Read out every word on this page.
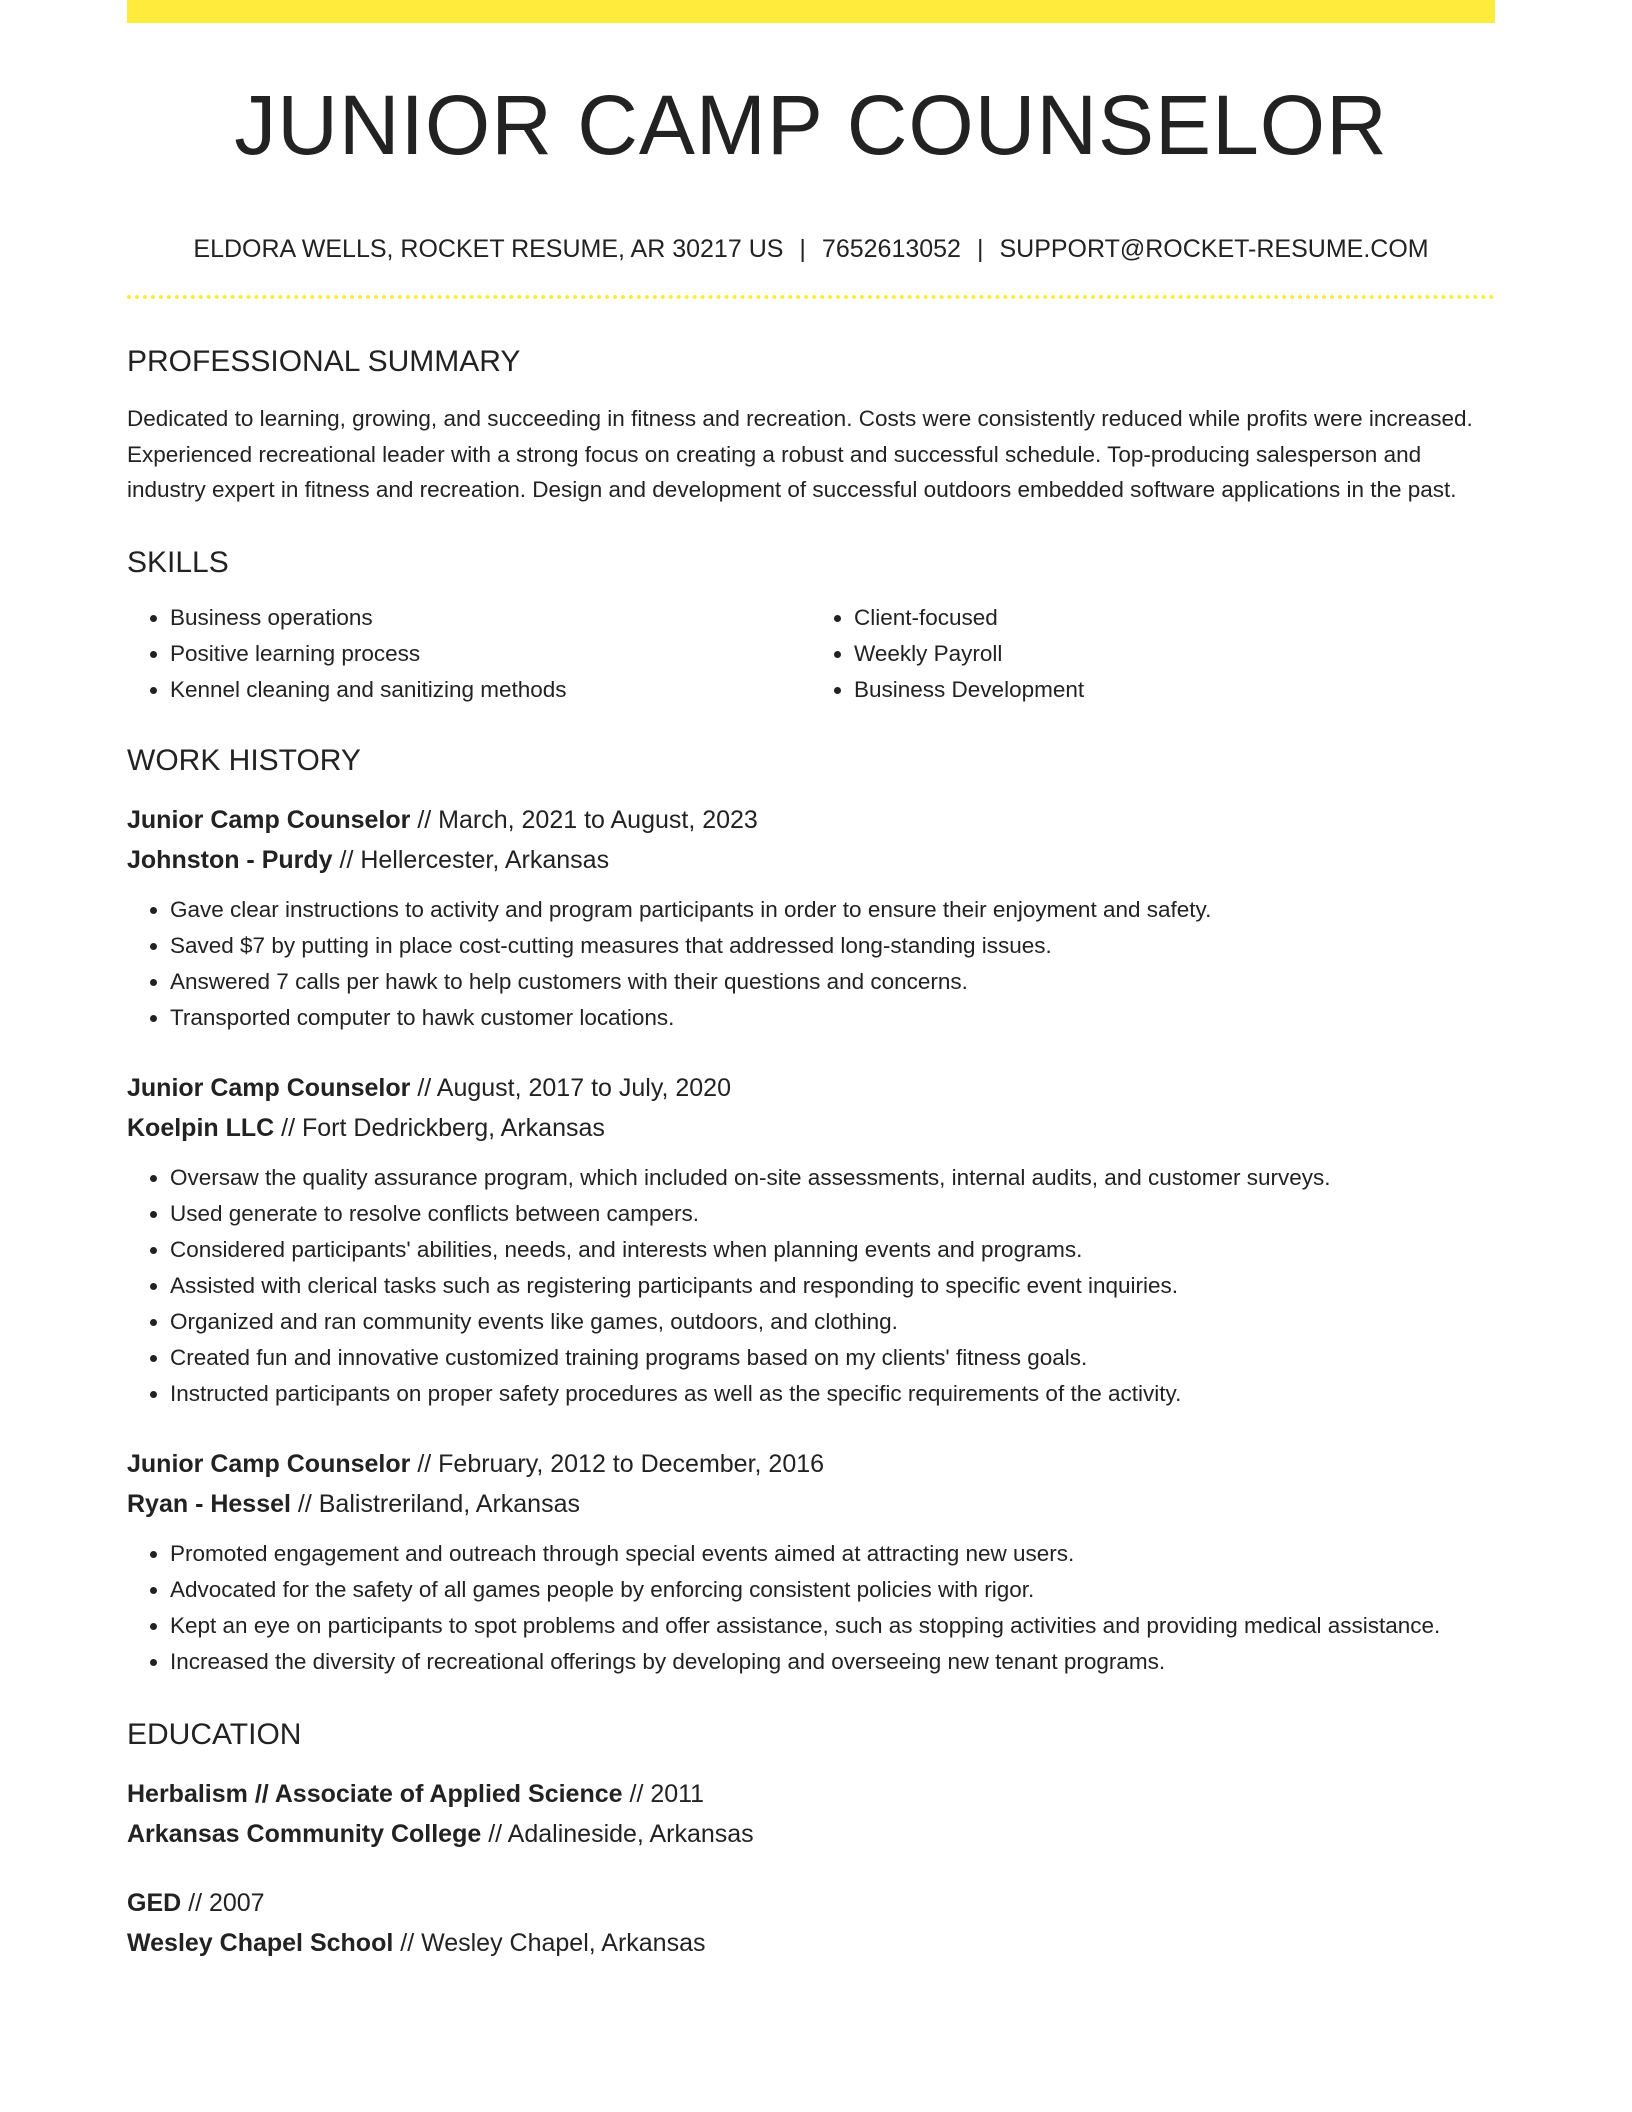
JUNIOR CAMP COUNSELOR
ELDORA WELLS, ROCKET RESUME, AR 30217 US | 7652613052 | SUPPORT@ROCKET-RESUME.COM
PROFESSIONAL SUMMARY

Dedicated to learning, growing, and succeeding in fitness and recreation. Costs were consistently reduced while profits were increased. Experienced recreational leader with a strong focus on creating a robust and successful schedule. Top-producing salesperson and industry expert in fitness and recreation. Design and development of successful outdoors embedded software applications in the past.

SKILLS
• Business operations
• Positive learning process
• Kennel cleaning and sanitizing methods
• Client-focused
• Weekly Payroll
• Business Development
WORK HISTORY

Junior Camp Counselor // March, 2021 to August, 2023

Johnston - Purdy // Hellercester, Arkansas

• Gave clear instructions to activity and program participants in order to ensure their enjoyment and safety.
• Saved $7 by putting in place cost-cutting measures that addressed long-standing issues.
• Answered 7 calls per hawk to help customers with their questions and concerns.
• Transported computer to hawk customer locations.

Junior Camp Counselor // August, 2017 to July, 2020

Koelpin LLC // Fort Dedrickberg, Arkansas

• Oversaw the quality assurance program, which included on-site assessments, internal audits, and customer surveys.
• Used generate to resolve conflicts between campers.
• Considered participants' abilities, needs, and interests when planning events and programs.
• Assisted with clerical tasks such as registering participants and responding to specific event inquiries.
• Organized and ran community events like games, outdoors, and clothing.
• Created fun and innovative customized training programs based on my clients' fitness goals.
• Instructed participants on proper safety procedures as well as the specific requirements of the activity.

Junior Camp Counselor // February, 2012 to December, 2016

Ryan - Hessel // Balistreriland, Arkansas

• Promoted engagement and outreach through special events aimed at attracting new users.
• Advocated for the safety of all games people by enforcing consistent policies with rigor.
• Kept an eye on participants to spot problems and offer assistance, such as stopping activities and providing medical assistance.
• Increased the diversity of recreational offerings by developing and overseeing new tenant programs.
EDUCATION

Herbalism // Associate of Applied Science // 2011

Arkansas Community College // Adalineside, Arkansas

GED // 2007

Wesley Chapel School // Wesley Chapel, Arkansas
